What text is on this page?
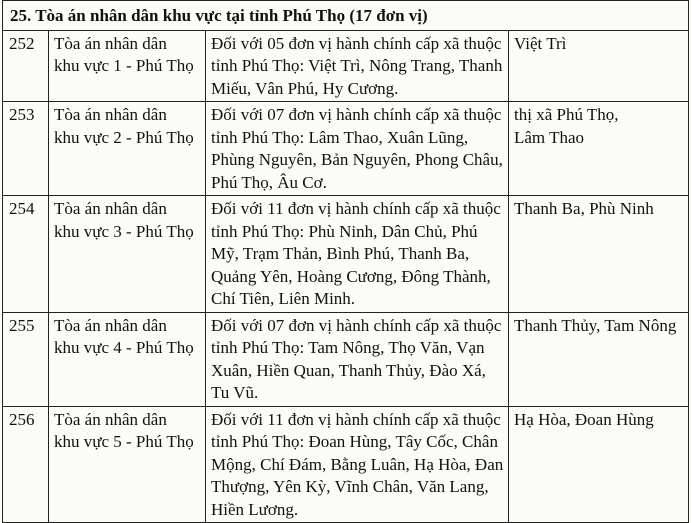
25. Tòa án nhân dân khu vực tại tỉnh Phú Thọ (17 đơn vị)			
252	Tòa án nhân dân
khu vực 1 - Phú Thọ	Đối với 05 đơn vị hành chính cấp xã thuộc
tỉnh Phú Thọ: Việt Trì, Nông Trang, Thanh
Miếu, Vân Phú, Hy Cương.	Việt Trì

253	Tòa án nhân dân
khu vực 2 - Phú Thọ	Đối với 07 đơn vị hành chính cấp xã thuộc
tỉnh Phú Thọ: Lâm Thao, Xuân Lũng,
Phùng Nguyên, Bản Nguyên, Phong Châu,
Phú Thọ, Âu Cơ.	thị xã Phú Thọ,
Lâm Thao

254	Tòa án nhân dân
khu vực 3 - Phú Thọ	Đối với 11 đơn vị hành chính cấp xã thuộc
tỉnh Phú Thọ: Phù Ninh, Dân Chủ, Phú
Mỹ, Trạm Thản, Bình Phú, Thanh Ba,
Quảng Yên, Hoàng Cương, Đông Thành,
Chí Tiên, Liên Minh.	Thanh Ba, Phù Ninh

255	Tòa án nhân dân
khu vực 4 - Phú Thọ	Đối với 07 đơn vị hành chính cấp xã thuộc
tỉnh Phú Thọ: Tam Nông, Thọ Văn, Vạn
Xuân, Hiền Quan, Thanh Thủy, Đào Xá,
Tu Vũ.	Thanh Thủy, Tam Nông

256	Tòa án nhân dân
khu vực 5 - Phú Thọ	Đối với 11 đơn vị hành chính cấp xã thuộc
tỉnh Phú Thọ: Đoan Hùng, Tây Cốc, Chân
Mộng, Chí Đám, Bằng Luân, Hạ Hòa, Đan
Thượng, Yên Kỳ, Vĩnh Chân, Văn Lang,
Hiền Lương.	Hạ Hòa, Đoan Hùng
